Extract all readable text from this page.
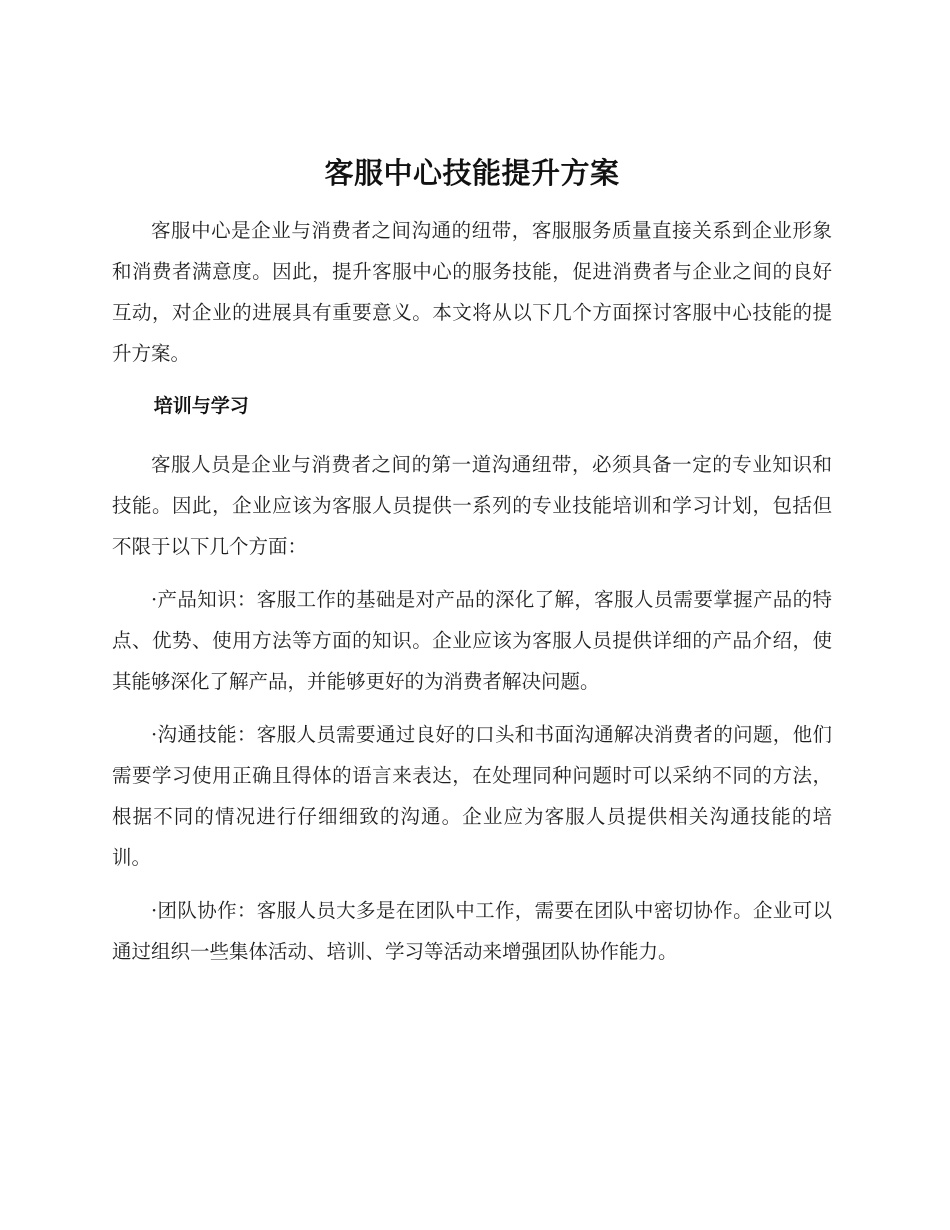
客服中心技能提升方案

客服中心是企业与消费者之间沟通的纽带，客服服务质量直接关系到企业形象和消费者满意度。因此，提升客服中心的服务技能，促进消费者与企业之间的良好互动，对企业的进展具有重要意义。本文将从以下几个方面探讨客服中心技能的提升方案。

培训与学习

客服人员是企业与消费者之间的第一道沟通纽带，必须具备一定的专业知识和技能。因此，企业应该为客服人员提供一系列的专业技能培训和学习计划，包括但不限于以下几个方面：

·产品知识：客服工作的基础是对产品的深化了解，客服人员需要掌握产品的特点、优势、使用方法等方面的知识。企业应该为客服人员提供详细的产品介绍，使其能够深化了解产品，并能够更好的为消费者解决问题。

·沟通技能：客服人员需要通过良好的口头和书面沟通解决消费者的问题，他们需要学习使用正确且得体的语言来表达，在处理同种问题时可以采纳不同的方法，根据不同的情况进行仔细细致的沟通。企业应为客服人员提供相关沟通技能的培训。

·团队协作：客服人员大多是在团队中工作，需要在团队中密切协作。企业可以通过组织一些集体活动、培训、学习等活动来增强团队协作能力。
